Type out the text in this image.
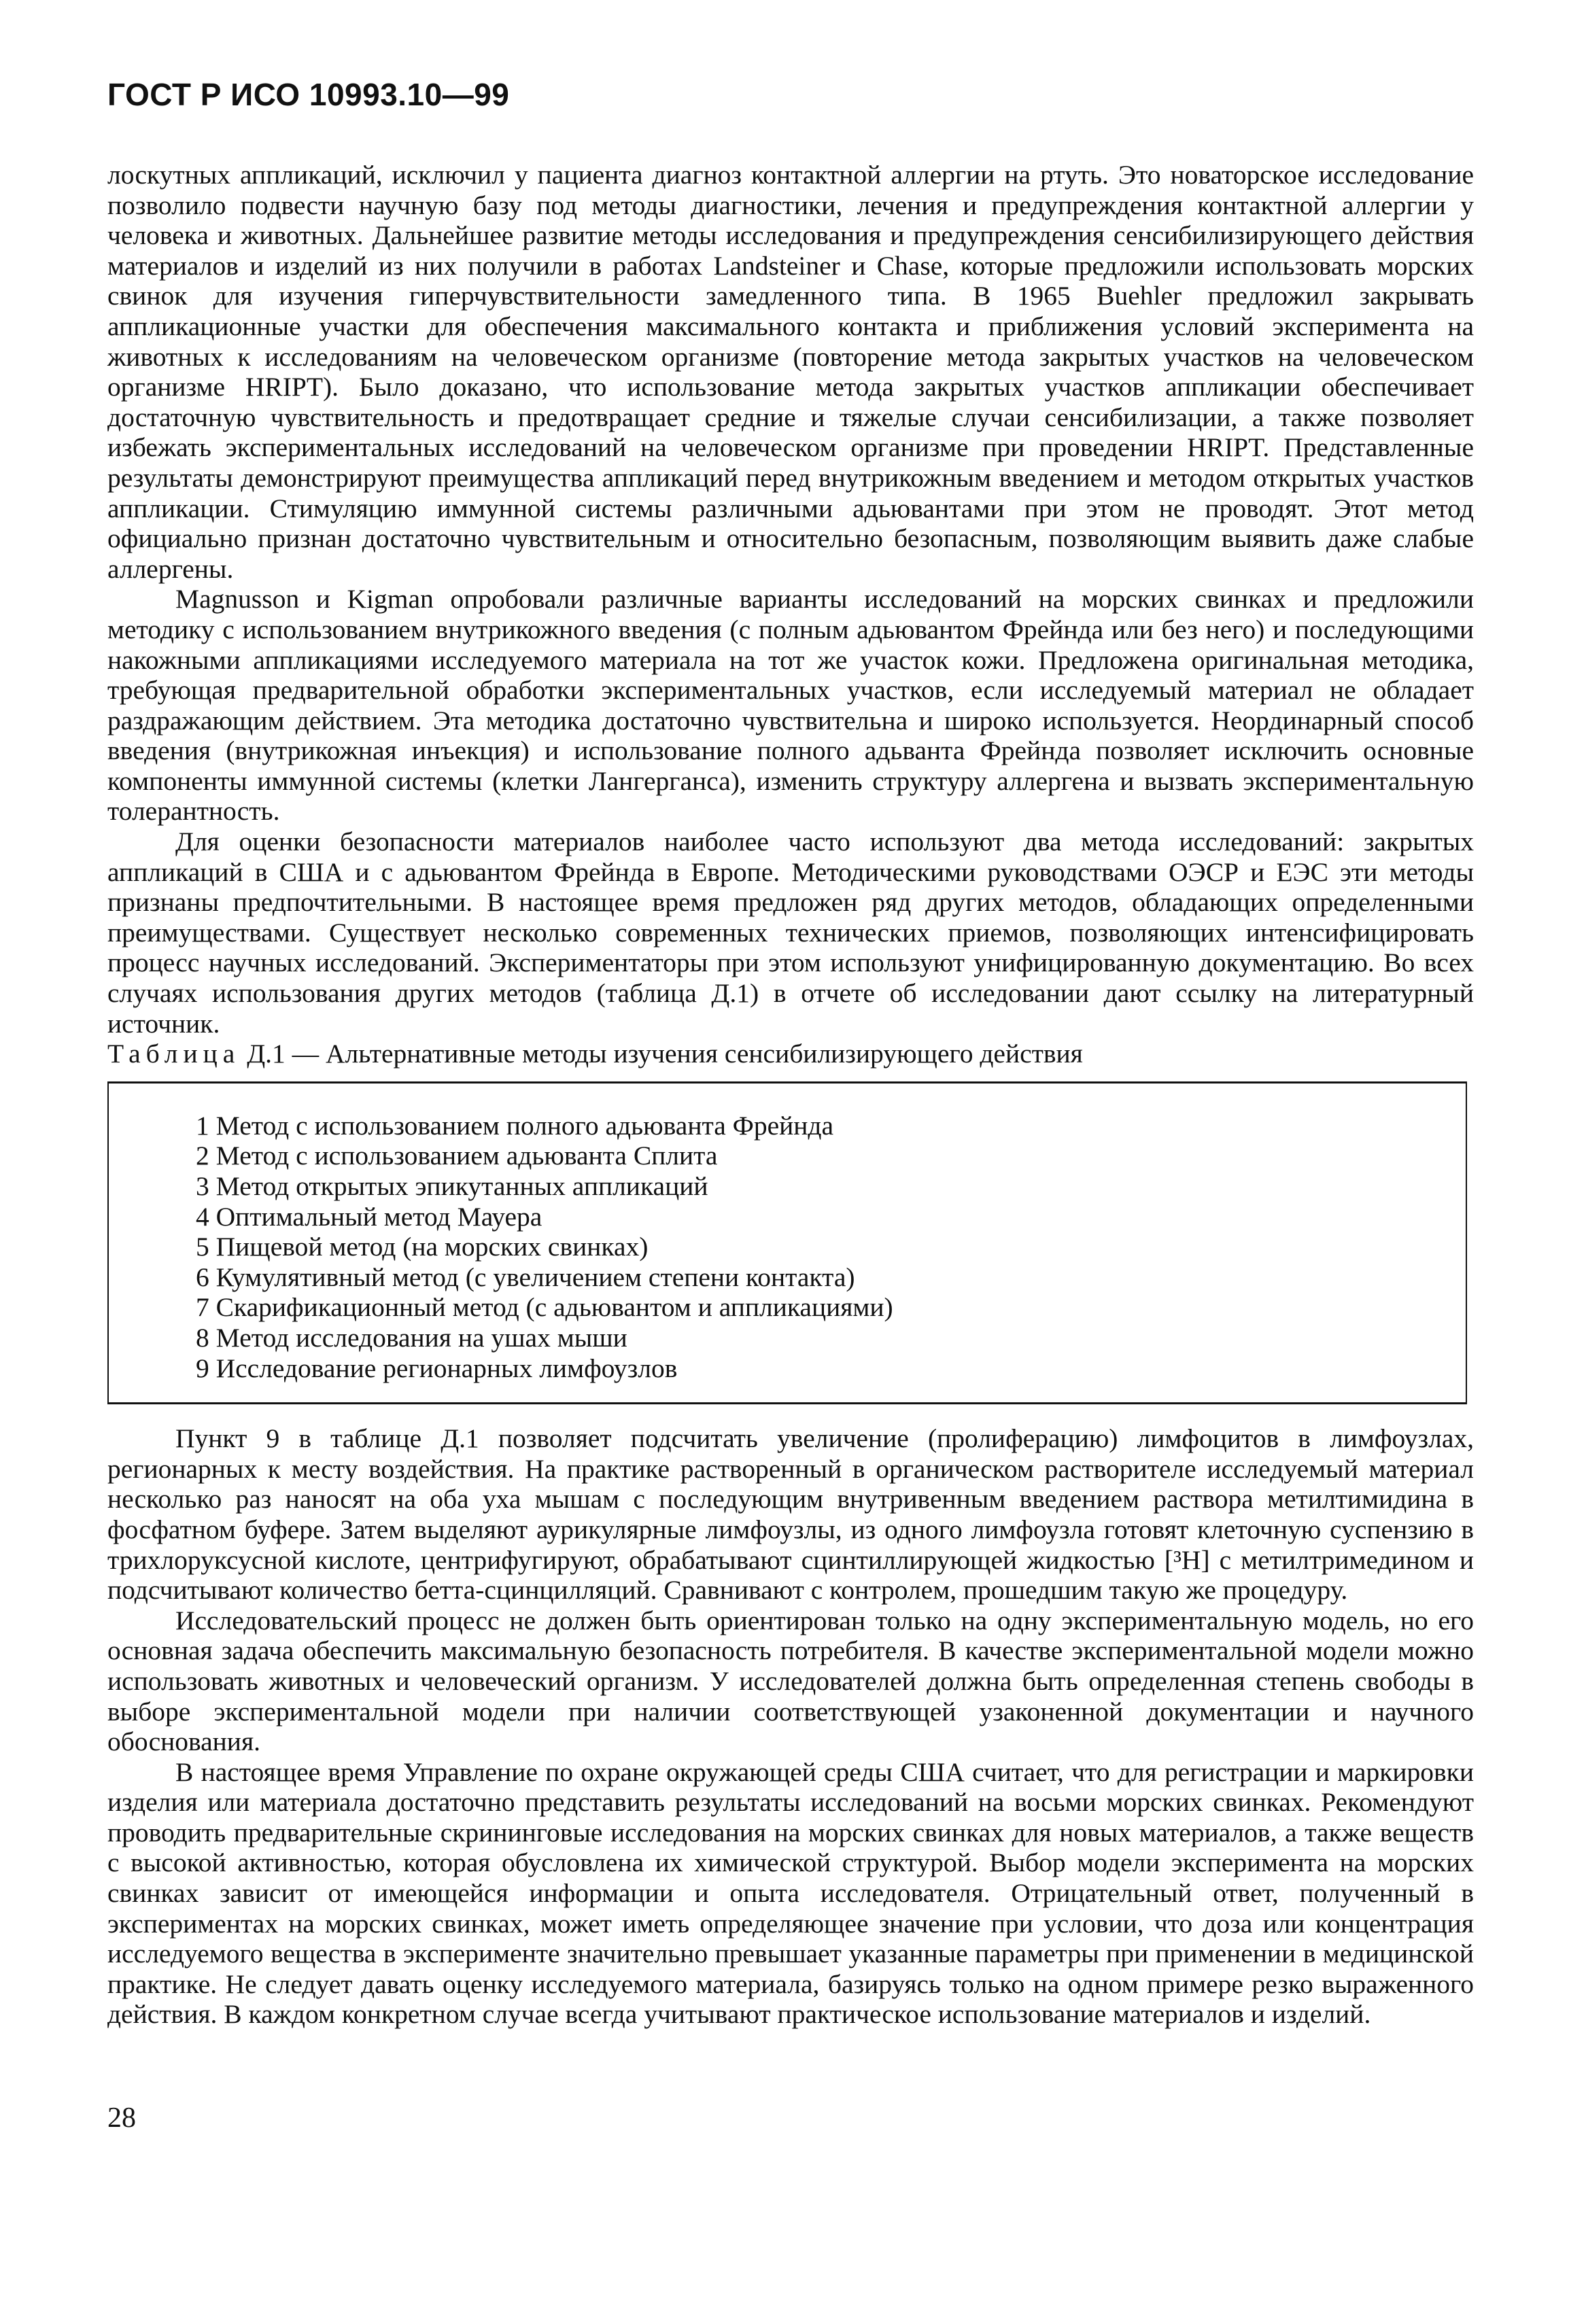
ГОСТ Р ИСО 10993.10—99

лоскутных аппликаций, исключил у пациента диагноз контактной аллергии на ртуть. Это новаторское исследование позволило подвести научную базу под методы диагностики, лечения и предупреждения контактной аллергии у человека и животных. Дальнейшее развитие методы исследования и предупреждения сенсибилизирующего действия материалов и изделий из них получили в работах Landsteiner и Chase, которые предложили использовать морских свинок для изучения гиперчувствительности замедленного типа. В 1965 Buehler предложил закрывать аппликационные участки для обеспечения максимального контакта и приближения условий эксперимента на животных к исследованиям на человеческом организме (повторение метода закрытых участков на человеческом организме HRIPT). Было доказано, что использование метода закрытых участков аппликации обеспечивает достаточную чувствительность и предотвращает средние и тяжелые случаи сенсибилизации, а также позволяет избежать экспериментальных исследований на человеческом организме при проведении HRIPT. Представленные результаты демонстрируют преимущества аппликаций перед внутрикожным введением и методом открытых участков аппликации. Стимуляцию иммунной системы различными адьювантами при этом не проводят. Этот метод официально признан достаточно чувствительным и относительно безопасным, позволяющим выявить даже слабые аллергены.

Magnusson и Kigman опробовали различные варианты исследований на морских свинках и предложили методику с использованием внутрикожного введения (с полным адьювантом Фрейнда или без него) и последующими накожными аппликациями исследуемого материала на тот же участок кожи. Предложена оригинальная методика, требующая предварительной обработки экспериментальных участков, если исследуемый материал не обладает раздражающим действием. Эта методика достаточно чувствительна и широко используется. Неординарный способ введения (внутрикожная инъекция) и использование полного адьванта Фрейнда позволяет исключить основные компоненты иммунной системы (клетки Лангерганса), изменить структуру аллергена и вызвать экспериментальную толерантность.

Для оценки безопасности материалов наиболее часто используют два метода исследований: закрытых аппликаций в США и с адьювантом Фрейнда в Европе. Методическими руководствами ОЭСР и ЕЭС эти методы признаны предпочтительными. В настоящее время предложен ряд других методов, обладающих определенными преимуществами. Существует несколько современных технических приемов, позволяющих интенсифицировать процесс научных исследований. Экспериментаторы при этом используют унифицированную документацию. Во всех случаях использования других методов (таблица Д.1) в отчете об исследовании дают ссылку на литературный источник.

Таблица Д.1 — Альтернативные методы изучения сенсибилизирующего действия

1 Метод с использованием полного адьюванта Фрейнда
2 Метод с использованием адьюванта Сплита
3 Метод открытых эпикутанных аппликаций
4 Оптимальный метод Мауера
5 Пищевой метод (на морских свинках)
6 Кумулятивный метод (с увеличением степени контакта)
7 Скарификационный метод (с адьювантом и аппликациями)
8 Метод исследования на ушах мыши
9 Исследование регионарных лимфоузлов

Пункт 9 в таблице Д.1 позволяет подсчитать увеличение (пролиферацию) лимфоцитов в лимфоузлах, регионарных к месту воздействия. На практике растворенный в органическом растворителе исследуемый материал несколько раз наносят на оба уха мышам с последующим внутривенным введением раствора метилтимидина в фосфатном буфере. Затем выделяют аурикулярные лимфоузлы, из одного лимфоузла готовят клеточную суспензию в трихлоруксусной кислоте, центрифугируют, обрабатывают сцинтиллирующей жидкостью [³H] с метилтримедином и подсчитывают количество бетта-сцинцилляций. Сравнивают с контролем, прошедшим такую же процедуру.

Исследовательский процесс не должен быть ориентирован только на одну экспериментальную модель, но его основная задача обеспечить максимальную безопасность потребителя. В качестве экспериментальной модели можно использовать животных и человеческий организм. У исследователей должна быть определенная степень свободы в выборе экспериментальной модели при наличии соответствующей узаконенной документации и научного обоснования.

В настоящее время Управление по охране окружающей среды США считает, что для регистрации и маркировки изделия или материала достаточно представить результаты исследований на восьми морских свинках. Рекомендуют проводить предварительные скрининговые исследования на морских свинках для новых материалов, а также веществ с высокой активностью, которая обусловлена их химической структурой. Выбор модели эксперимента на морских свинках зависит от имеющейся информации и опыта исследователя. Отрицательный ответ, полученный в экспериментах на морских свинках, может иметь определяющее значение при условии, что доза или концентрация исследуемого вещества в эксперименте значительно превышает указанные параметры при применении в медицинской практике. Не следует давать оценку исследуемого материала, базируясь только на одном примере резко выраженного действия. В каждом конкретном случае всегда учитывают практическое использование материалов и изделий.

28
